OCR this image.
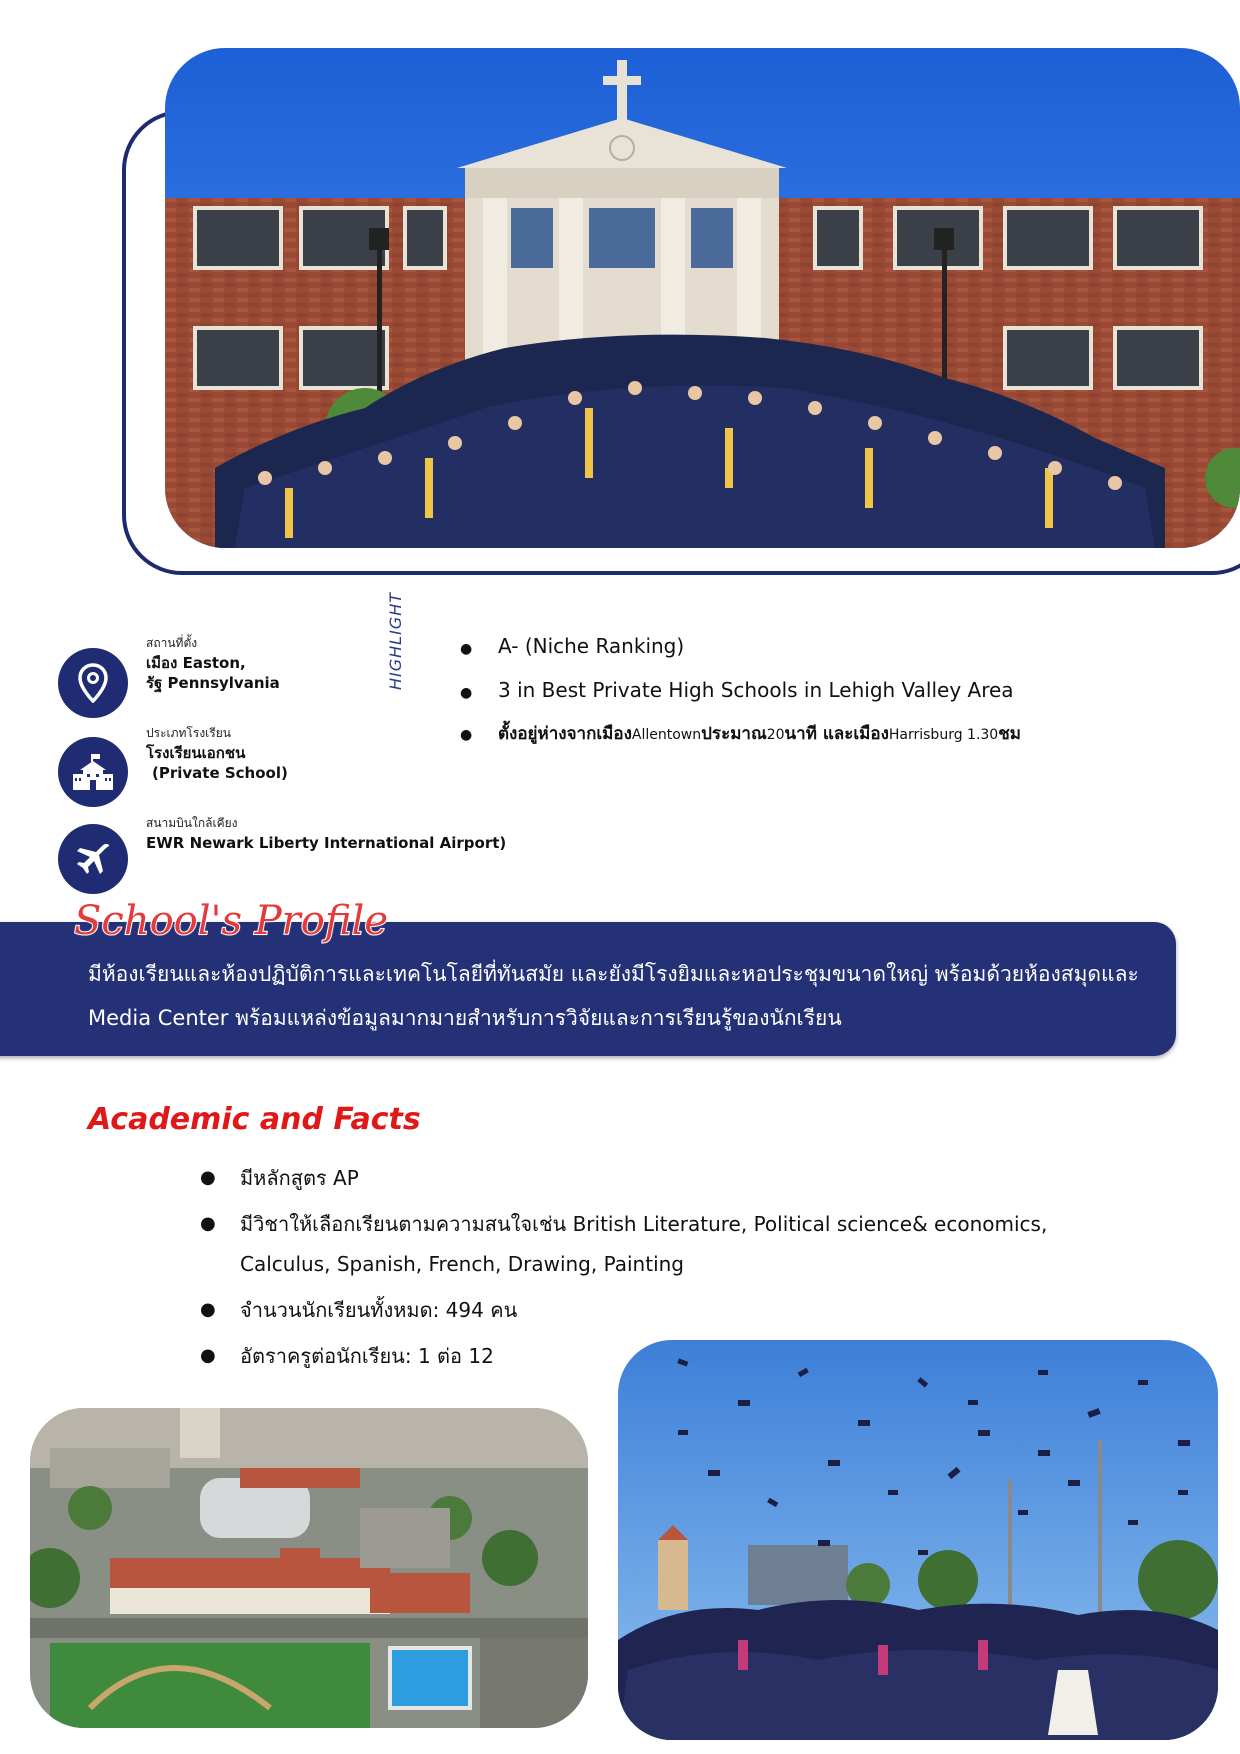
สถานที่ตั้ง
เมือง Easton,
รัฐ Pennsylvania
ประเภทโรงเรียน
โรงเรียนเอกชน
(Private School)
สนามบินใกล้เคียง
EWR Newark Liberty International Airport)
HIGHLIGHT	●	A- (Niche Ranking)
●	3 in Best Private High Schools in Lehigh Valley Area
●	ตั้งอยู่ห่างจากเมือง Allentown ประมาณ 20 นาที และเมือง Harrisburg 1.30 ชม
School's Profile
มีห้องเรียนและห้องปฏิบัติการและเทคโนโลยีที่ทันสมัย และยังมีโรงยิมและหอประชุมขนาดใหญ่ พร้อมด้วยห้องสมุดและ
Media Center พร้อมแหล่งข้อมูลมากมายสำหรับการวิจัยและการเรียนรู้ของนักเรียน
Academic and Facts
●	มีหลักสูตร AP
●	มีวิชาให้เลือกเรียนตามความสนใจเช่น British Literature, Political science& economics,
Calculus, Spanish, French, Drawing, Painting
●	จำนวนนักเรียนทั้งหมด: 494 คน
●	อัตราครูต่อนักเรียน: 1 ต่อ 12
